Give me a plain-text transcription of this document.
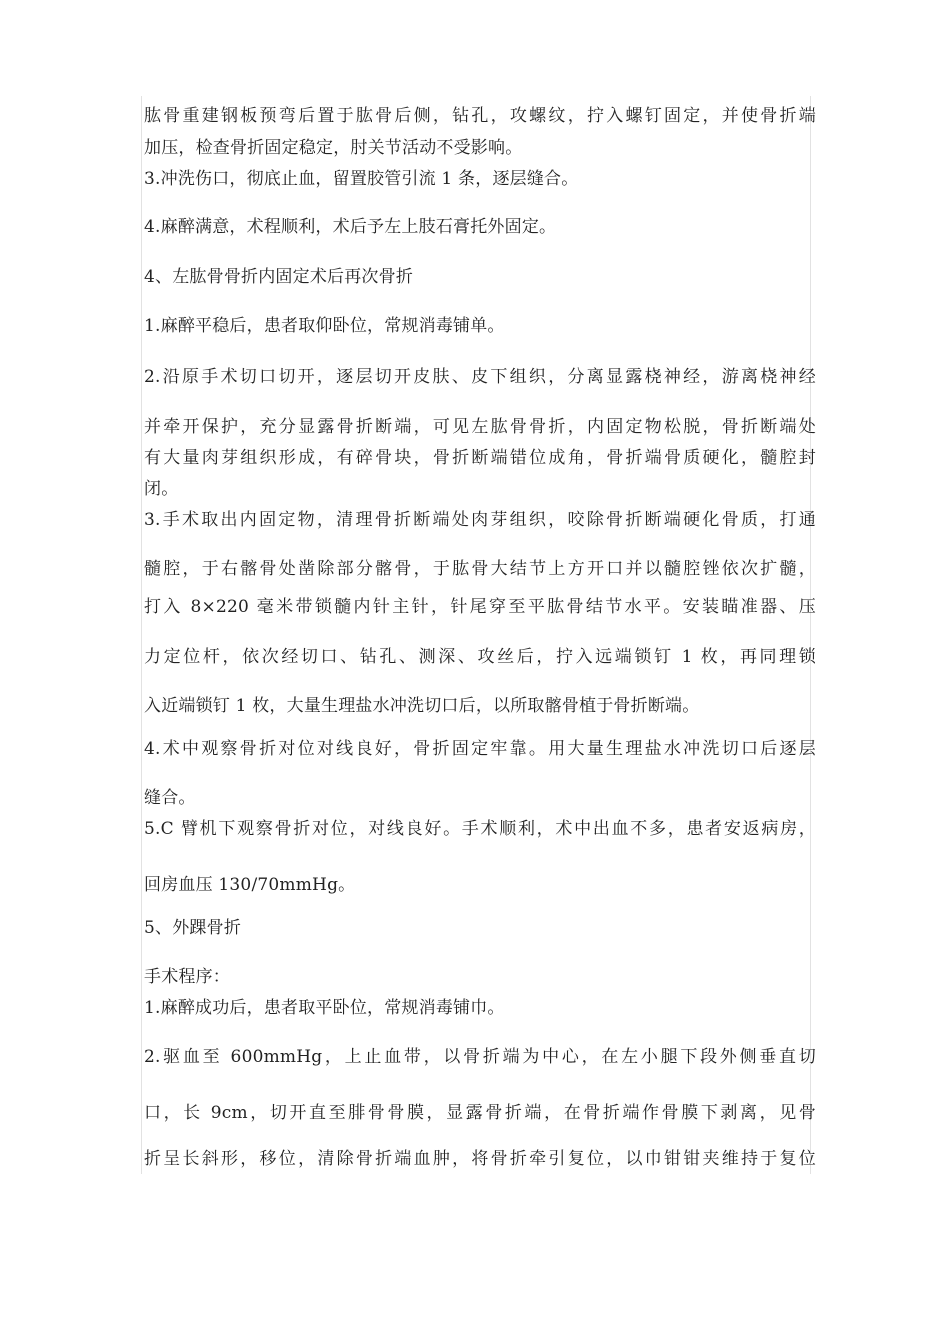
肱骨重建钢板预弯后置于肱骨后侧，钻孔，攻螺纹，拧入螺钉固定，并使骨折端
加压，检查骨折固定稳定，肘关节活动不受影响。
3.冲洗伤口，彻底止血，留置胶管引流 1 条，逐层缝合。
4.麻醉满意，术程顺利，术后予左上肢石膏托外固定。
4、左肱骨骨折内固定术后再次骨折
1.麻醉平稳后，患者取仰卧位，常规消毒铺单。
2.沿原手术切口切开，逐层切开皮肤、皮下组织，分离显露桡神经，游离桡神经
并牵开保护，充分显露骨折断端，可见左肱骨骨折，内固定物松脱，骨折断端处
有大量肉芽组织形成，有碎骨块，骨折断端错位成角，骨折端骨质硬化，髓腔封
闭。
3.手术取出内固定物，清理骨折断端处肉芽组织，咬除骨折断端硬化骨质，打通
髓腔，于右髂骨处凿除部分髂骨，于肱骨大结节上方开口并以髓腔锉依次扩髓，
打入 8×220 毫米带锁髓内针主针，针尾穿至平肱骨结节水平。安装瞄准器、压
力定位杆，依次经切口、钻孔、测深、攻丝后，拧入远端锁钉 1 枚，再同理锁
入近端锁钉 1 枚，大量生理盐水冲洗切口后，以所取髂骨植于骨折断端。
4.术中观察骨折对位对线良好，骨折固定牢靠。用大量生理盐水冲洗切口后逐层
缝合。
5.C 臂机下观察骨折对位，对线良好。手术顺利，术中出血不多，患者安返病房，
回房血压 130/70mmHg。
5、外踝骨折
手术程序：
1.麻醉成功后，患者取平卧位，常规消毒铺巾。
2.驱血至 600mmHg，上止血带，以骨折端为中心，在左小腿下段外侧垂直切
口，长 9cm，切开直至腓骨骨膜，显露骨折端，在骨折端作骨膜下剥离，见骨
折呈长斜形，移位，清除骨折端血肿，将骨折牵引复位，以巾钳钳夹维持于复位
